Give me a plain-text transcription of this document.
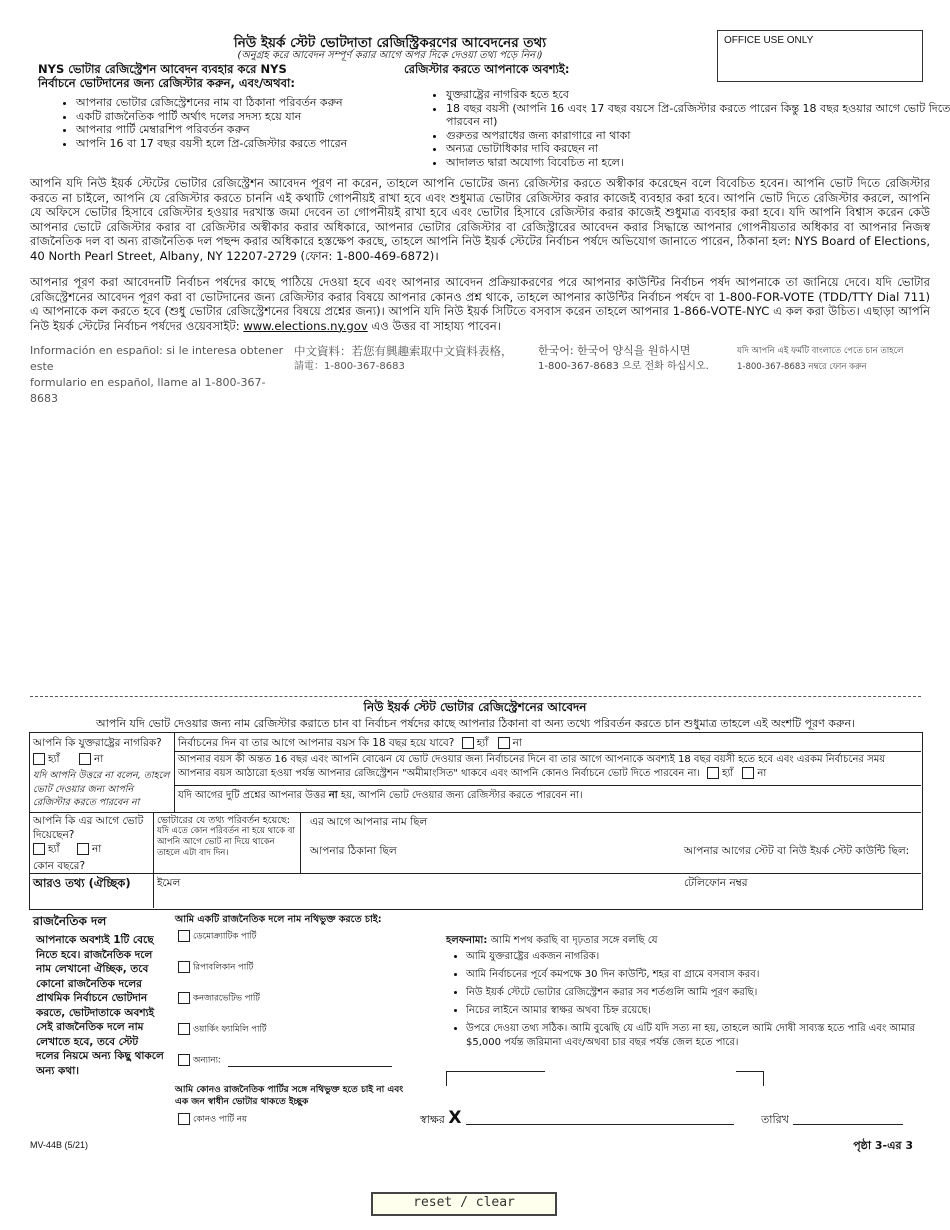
নিউ ইয়র্ক স্টেট ভোটদাতা রেজিস্ট্রিকরণের আবেদনের তথ্য
(অনুগ্রহ করে আবেদন সম্পূর্ণ করার আগে অপর দিকে দেওয়া তথ্য পড়ে নিন।)
OFFICE USE ONLY
NYS ভোটার রেজিস্ট্রেশন আবেদন ব্যবহার করে NYS
নির্বাচনে ভোটদানের জন্য রেজিস্টার করুন, এবং/অথবা:
• আপনার ভোটার রেজিস্ট্রেশনের নাম বা ঠিকানা পরিবর্তন করুন
• একটি রাজনৈতিক পার্টি অর্থাৎ দলের সদস্য হয়ে যান
• আপনার পার্টি মেম্বারশিপ পরিবর্তন করুন
• আপনি 16 বা 17 বছর বয়সী হলে প্রি-রেজিস্টার করতে পারেন
রেজিস্টার করতে আপনাকে অবশ্যই:
• যুক্তরাষ্ট্রের নাগরিক হতে হবে
• 18 বছর বয়সী (আপনি 16 এবং 17 বছর বয়সে প্রি-রেজিস্টার করতে পারেন কিন্তু 18 বছর হওয়ার আগে ভোট দিতে পারবেন না)
• গুরুতর অপরাধের জন্য কারাগারে না থাকা
• অন্যত্র ভোটাধিকার দাবি করছেন না
• আদালত দ্বারা অযোগ্য বিবেচিত না হলে।
আপনি যদি নিউ ইয়র্ক স্টেটের ভোটার রেজিস্ট্রেশন আবেদন পূরণ না করেন, তাহলে আপনি ভোটের জন্য রেজিস্টার করতে অস্বীকার করেছেন বলে বিবেচিত হবেন। আপনি ভোট দিতে রেজিস্টার করতে না চাইলে, আপনি যে রেজিস্টার করতে চাননি এই কথাটি গোপনীয়ই রাখা হবে এবং শুধুমাত্র ভোটার রেজিস্টার করার কাজেই ব্যবহার করা হবে। আপনি ভোট দিতে রেজিস্টার করলে, আপনি যে অফিসে ভোটার হিসাবে রেজিস্টার হওয়ার দরখাস্ত জমা দেবেন তা গোপনীয়ই রাখা হবে এবং ভোটার হিসাবে রেজিস্টার করার কাজেই শুধুমাত্র ব্যবহার করা হবে। যদি আপনি বিশ্বাস করেন কেউ আপনার ভোটে রেজিস্টার করার বা রেজিস্টার অস্বীকার করার অধিকারে, আপনার ভোটার রেজিস্টার বা রেজিস্ট্রারের আবেদন করার সিদ্ধান্তে আপনার গোপনীয়তার অধিকার বা আপনার নিজস্ব রাজনৈতিক দল বা অন্য রাজনৈতিক দল পছন্দ করার অধিকারে হস্তক্ষেপ করছে, তাহলে আপনি নিউ ইয়র্ক স্টেটের নির্বাচন পর্ষদে অভিযোগ জানাতে পারেন, ঠিকানা হল: NYS Board of Elections, 40 North Pearl Street, Albany, NY 12207-2729 (ফোন: 1-800-469-6872)।
আপনার পূরণ করা আবেদনটি নির্বাচন পর্ষদের কাছে পাঠিয়ে দেওয়া হবে এবং আপনার আবেদন প্রক্রিয়াকরণের পরে আপনার কাউন্টির নির্বাচন পর্ষদ আপনাকে তা জানিয়ে দেবে। যদি ভোটার রেজিস্ট্রেশনের আবেদন পূরণ করা বা ভোটদানের জন্য রেজিস্টার করার বিষয়ে আপনার কোনও প্রশ্ন থাকে, তাহলে আপনার কাউন্টির নির্বাচন পর্ষদে বা 1-800-FOR-VOTE (TDD/TTY Dial 711) এ আপনাকে কল করতে হবে (শুধু ভোটার রেজিস্ট্রেশনের বিষয়ে প্রশ্নের জন্য)। আপনি যদি নিউ ইয়র্ক সিটিতে বসবাস করেন তাহলে আপনার 1-866-VOTE-NYC এ কল করা উচিত। এছাড়া আপনি নিউ ইয়র্ক স্টেটের নির্বাচন পর্ষদের ওয়েবসাইট: www.elections.ny.gov এও উত্তর বা সাহায্য পাবেন।
Información en español: si le interesa obtener este
formulario en español, llame al 1-800-367-8683
中文資料：若您有興趣索取中文資料表格，
請電：1-800-367-8683
한국어: 한국어 양식을 원하시면
1-800-367-8683 으로 전화 하십시오.
যদি আপনি এই ফর্মটি বাংলাতে পেতে চান তাহলে
1-800-367-8683 নম্বরে ফোন করুন
নিউ ইয়র্ক স্টেট ভোটার রেজিস্ট্রেশনের আবেদন
আপনি যদি ভোট দেওয়ার জন্য নাম রেজিস্টার করাতে চান বা নির্বাচন পর্ষদের কাছে আপনার ঠিকানা বা অন্য তথ্যে পরিবর্তন করতে চান শুধুমাত্র তাহলে এই অংশটি পূরণ করুন।
আপনি কি যুক্তরাষ্ট্রের নাগরিক?
হ্যাঁ	না
যদি আপনি উত্তরে না বলেন, তাহলে ভোট দেওয়ার জন্য আপনি রেজিস্টার করতে পারবেন না
নির্বাচনের দিন বা তার আগে আপনার বয়স কি 18 বছর হয়ে যাবে? হ্যাঁ না
আপনার বয়স কী অন্তত 16 বছর এবং আপনি বোঝেন যে ভোট দেওয়ার জন্য নির্বাচনের দিনে বা তার আগে আপনাকে অবশ্যই 18 বছর বয়সী হতে হবে এবং এরকম নির্বাচনের সময় আপনার বয়স আঠারো হওয়া পর্যন্ত আপনার রেজিস্ট্রেশন "অমীমাংসিত" থাকবে এবং আপনি কোনও নির্বাচনে ভোট দিতে পারবেন না। হ্যাঁ না
যদি আগের দুটি প্রশ্নের আপনার উত্তর না হয়, আপনি ভোট দেওয়ার জন্য রেজিস্টার করতে পারবেন না।
আপনি কি এর আগে ভোট দিয়েছেন?
হ্যাঁ	না
কোন বছরে?
ভোটারের যে তথ্য পরিবর্তন হয়েছে:
যদি এতে কোন পরিবর্তন না হয়ে থাকে বা আপনি আগে ভোট না দিয়ে থাকেন তাহলে এটা বাদ দিন।
এর আগে আপনার নাম ছিল
আপনার ঠিকানা ছিল	আপনার আগের স্টেট বা নিউ ইয়র্ক স্টেট কাউন্টি ছিল:
আরও তথ্য (ঐচ্ছিক)	ইমেল	টেলিফোন নম্বর
রাজনৈতিক দল
আপনাকে অবশ্যই 1টি বেছে নিতে হবে। রাজনৈতিক দলে নাম লেখানো ঐচ্ছিক, তবে কোনো রাজনৈতিক দলের প্রাথমিক নির্বাচনে ভোটদান করতে, ভোটদাতাকে অবশ্যই সেই রাজনৈতিক দলে নাম লেখাতে হবে, তবে স্টেট দলের নিয়মে অন্য কিছু থাকলে অন্য কথা।
আমি একটি রাজনৈতিক দলে নাম নথিভুক্ত করতে চাই:
ডেমোক্র্যাটিক পার্টি
রিপাবলিকান পার্টি
কনজারভেটিভ পার্টি
ওয়ার্কিং ফ্যামিলি পার্টি
অন্যান্য:
আমি কোনও রাজনৈতিক পার্টির সঙ্গে নথিভুক্ত হতে চাই না এবং এক জন স্বাধীন ভোটার থাকতে ইচ্ছুক
কোনও পার্টি নয়
হলফনামা: আমি শপথ করছি বা দৃঢ়তার সঙ্গে বলছি যে
• আমি যুক্তরাষ্ট্রের একজন নাগরিক।
• আমি নির্বাচনের পূর্বে কমপক্ষে 30 দিন কাউন্টি, শহর বা গ্রামে বসবাস করব।
• নিউ ইয়র্ক স্টেটে ভোটার রেজিস্ট্রেশন করার সব শর্তগুলি আমি পূরণ করছি।
• নিচের লাইনে আমার স্বাক্ষর অথবা চিহ্ন রয়েছে।
• উপরে দেওয়া তথ্য সঠিক। আমি বুঝেছি যে এটি যদি সত্য না হয়, তাহলে আমি দোষী সাব্যস্ত হতে পারি এবং আমার $5,000 পর্যন্ত জরিমানা এবং/অথবা চার বছর পর্যন্ত জেল হতে পারে।
স্বাক্ষর X	তারিখ
MV-44B (5/21)	পৃষ্ঠা 3-এর 3
reset / clear
